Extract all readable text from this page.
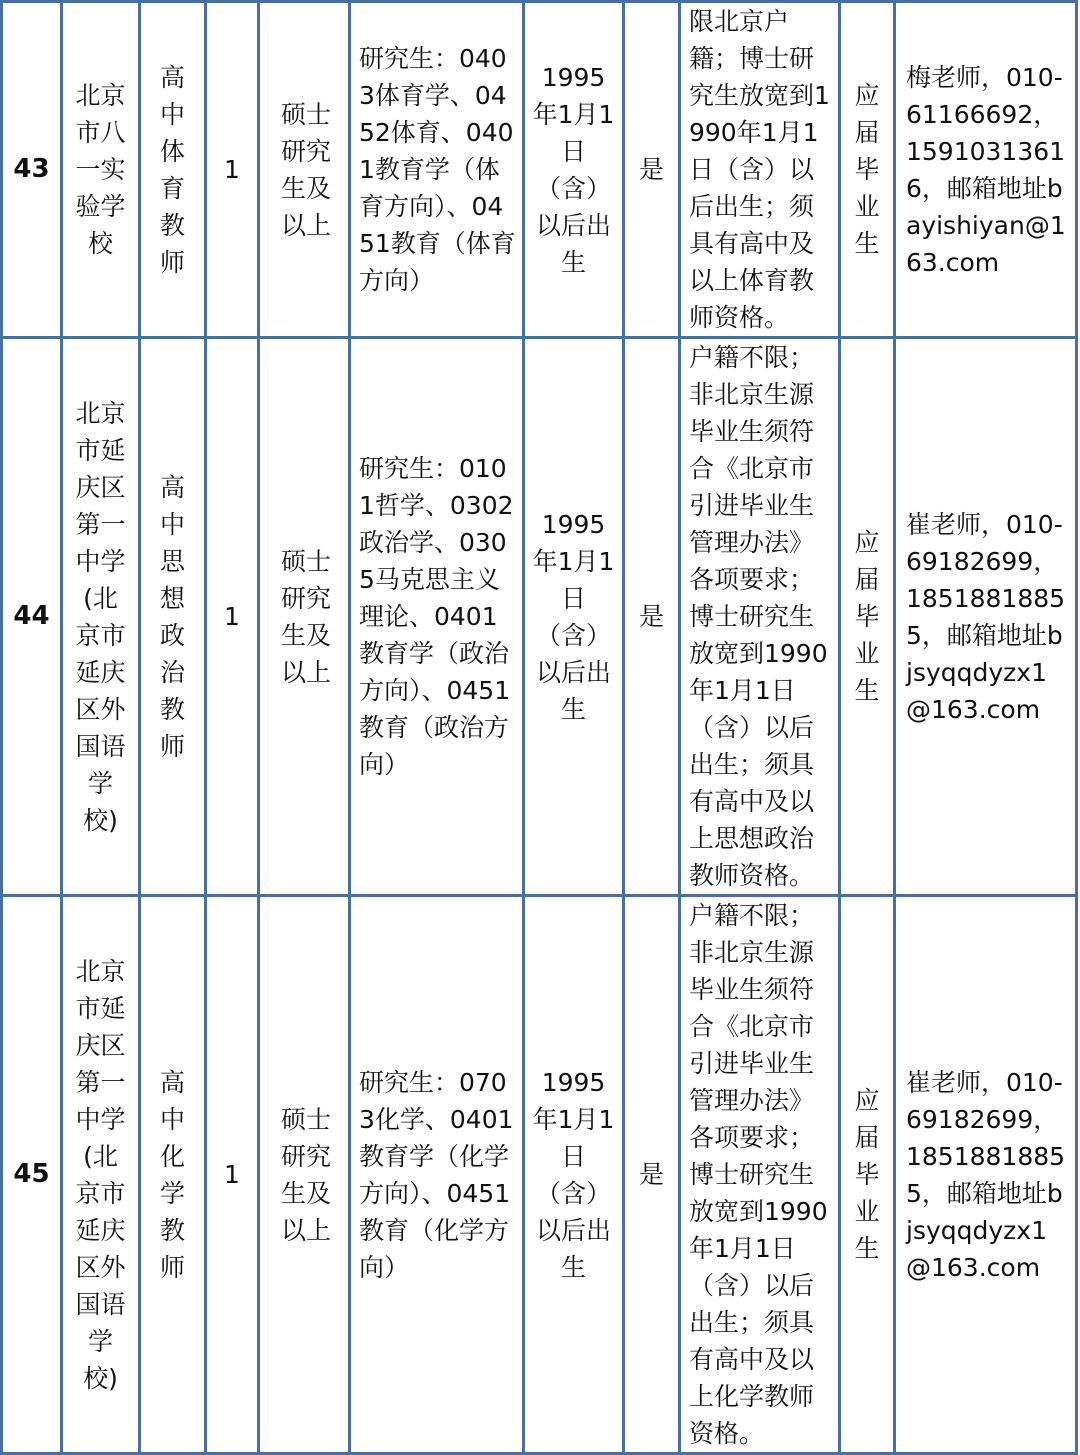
43	北京市八一实验学校	高中体育教师	1	硕士研究生及以上	研究生：0403体育学、0452体育、0401教育学（体育方向）、0451教育（体育方向）	1995年1月1日（含）以后出生	是	限北京户籍；博士研究生放宽到1990年1月1日（含）以后出生；须具有高中及以上体育教师资格。	应届毕业生	梅老师，010-61166692，15910313616，邮箱地址bayishiyan@163.com

44	北京市延庆区第一中学(北京市延庆区外国语学校)	高中思想政治教师	1	硕士研究生及以上	研究生：0101哲学、0302政治学、0305马克思主义理论、0401教育学（政治方向）、0451教育（政治方向）	1995年1月1日（含）以后出生	是	户籍不限；非北京生源毕业生须符合《北京市引进毕业生管理办法》各项要求；博士研究生放宽到1990年1月1日（含）以后出生；须具有高中及以上思想政治教师资格。	应届毕业生	崔老师，010-69182699，18518818855，邮箱地址bjsyqqdyzx1@163.com

45	北京市延庆区第一中学(北京市延庆区外国语学校)	高中化学教师	1	硕士研究生及以上	研究生：0703化学、0401教育学（化学方向）、0451教育（化学方向）	1995年1月1日（含）以后出生	是	户籍不限；非北京生源毕业生须符合《北京市引进毕业生管理办法》各项要求；博士研究生放宽到1990年1月1日（含）以后出生；须具有高中及以上化学教师资格。	应届毕业生	崔老师，010-69182699，18518818855，邮箱地址bjsyqqdyzx1@163.com
